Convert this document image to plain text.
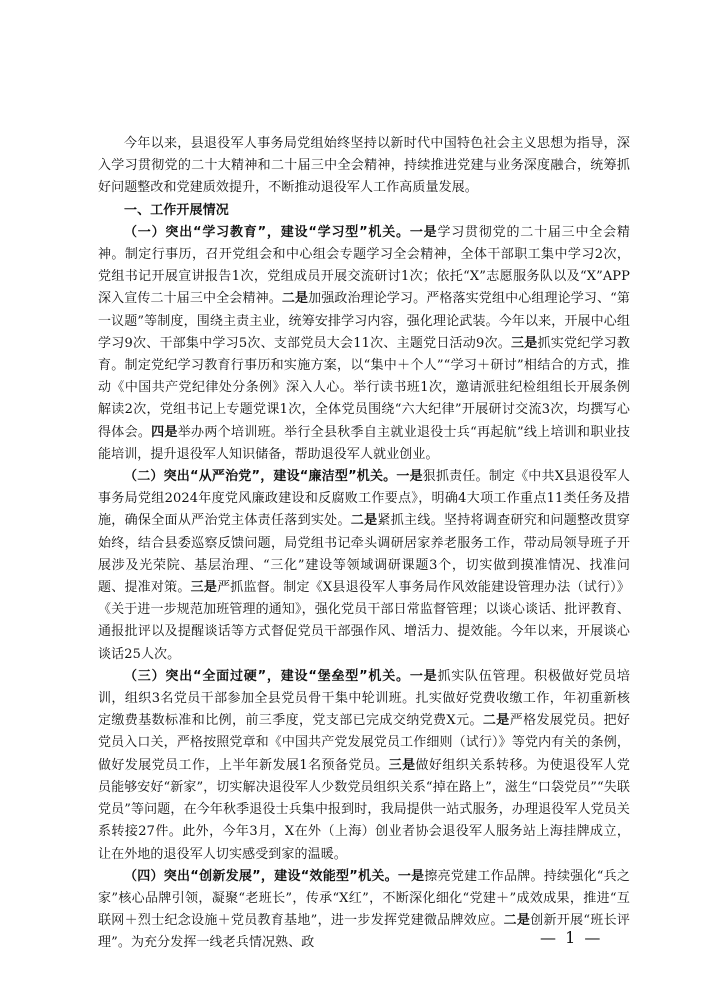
今年以来，县退役军人事务局党组始终坚持以新时代中国特色社会主义思想为指导，深入学习贯彻党的二十大精神和二十届三中全会精神，持续推进党建与业务深度融合，统筹抓好问题整改和党建质效提升，不断推动退役军人工作高质量发展。

一、工作开展情况

（一）突出“学习教育”，建设“学习型”机关。一是学习贯彻党的二十届三中全会精神。制定行事历，召开党组会和中心组会专题学习全会精神，全体干部职工集中学习2次，党组书记开展宣讲报告1次，党组成员开展交流研讨1次；依托“X”志愿服务队以及“X”APP深入宣传二十届三中全会精神。二是加强政治理论学习。严格落实党组中心组理论学习、“第一议题”等制度，围绕主责主业，统筹安排学习内容，强化理论武装。今年以来，开展中心组学习9次、干部集中学习5次、支部党员大会11次、主题党日活动9次。三是抓实党纪学习教育。制定党纪学习教育行事历和实施方案，以“集中＋个人”“学习＋研讨”相结合的方式，推动《中国共产党纪律处分条例》深入人心。举行读书班1次，邀请派驻纪检组组长开展条例解读2次，党组书记上专题党课1次，全体党员围绕“六大纪律”开展研讨交流3次，均撰写心得体会。四是举办两个培训班。举行全县秋季自主就业退役士兵“再起航”线上培训和职业技能培训，提升退役军人知识储备，帮助退役军人就业创业。

（二）突出“从严治党”，建设“廉洁型”机关。一是狠抓责任。制定《中共X县退役军人事务局党组2024年度党风廉政建设和反腐败工作要点》，明确4大项工作重点11类任务及措施，确保全面从严治党主体责任落到实处。二是紧抓主线。坚持将调查研究和问题整改贯穿始终，结合县委巡察反馈问题，局党组书记牵头调研居家养老服务工作，带动局领导班子开展涉及光荣院、基层治理、“三化”建设等领域调研课题3个，切实做到摸准情况、找准问题、提准对策。三是严抓监督。制定《X县退役军人事务局作风效能建设管理办法（试行）》《关于进一步规范加班管理的通知》，强化党员干部日常监督管理；以谈心谈话、批评教育、通报批评以及提醒谈话等方式督促党员干部强作风、增活力、提效能。今年以来，开展谈心谈话25人次。

（三）突出“全面过硬”，建设“堡垒型”机关。一是抓实队伍管理。积极做好党员培训，组织3名党员干部参加全县党员骨干集中轮训班。扎实做好党费收缴工作，年初重新核定缴费基数标准和比例，前三季度，党支部已完成交纳党费X元。二是严格发展党员。把好党员入口关，严格按照党章和《中国共产党发展党员工作细则（试行）》等党内有关的条例，做好发展党员工作，上半年新发展1名预备党员。三是做好组织关系转移。为使退役军人党员能够安好“新家”，切实解决退役军人少数党员组织关系“掉在路上”，滋生“口袋党员”“失联党员”等问题，在今年秋季退役士兵集中报到时，我局提供一站式服务，办理退役军人党员关系转接27件。此外，今年3月，X在外（上海）创业者协会退役军人服务站上海挂牌成立，让在外地的退役军人切实感受到家的温暖。

（四）突出“创新发展”，建设“效能型”机关。一是擦亮党建工作品牌。持续强化“兵之家”核心品牌引领，凝聚“老班长”，传承“X红”，不断深化细化“党建＋”成效成果，推进“互联网＋烈士纪念设施＋党员教育基地”，进一步发挥党建微品牌效应。二是创新开展“班长评理”。为充分发挥一线老兵情况熟、政	— 1 —
